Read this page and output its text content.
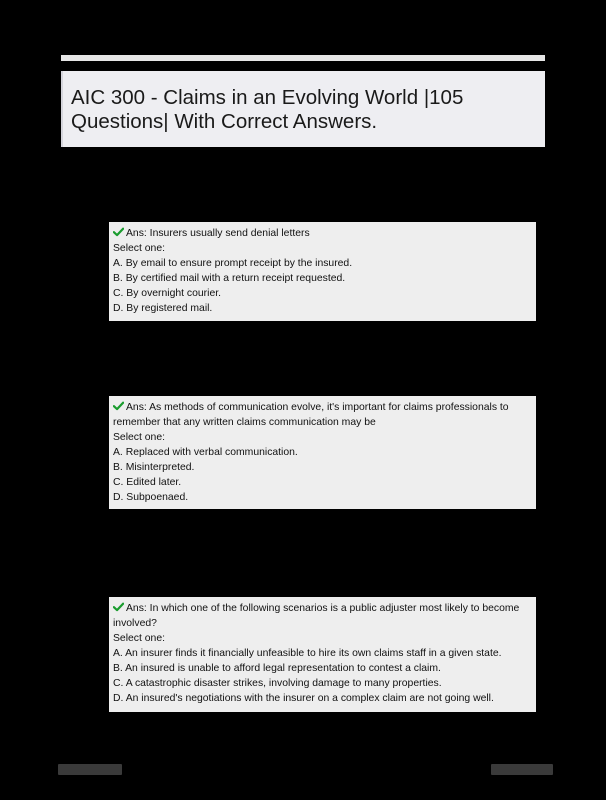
AIC 300 - Claims in an Evolving World |105
Questions| With Correct Answers.
Ans: Insurers usually send denial letters
Select one:
A. By email to ensure prompt receipt by the insured.
B. By certified mail with a return receipt requested.
C. By overnight courier.
D. By registered mail.
Ans: As methods of communication evolve, it's important for claims professionals to remember that any written claims communication may be
Select one:
A. Replaced with verbal communication.
B. Misinterpreted.
C. Edited later.
D. Subpoenaed.
Ans: In which one of the following scenarios is a public adjuster most likely to become involved?
Select one:
A. An insurer finds it financially unfeasible to hire its own claims staff in a given state.
B. An insured is unable to afford legal representation to contest a claim.
C. A catastrophic disaster strikes, involving damage to many properties.
D. An insured's negotiations with the insurer on a complex claim are not going well.
